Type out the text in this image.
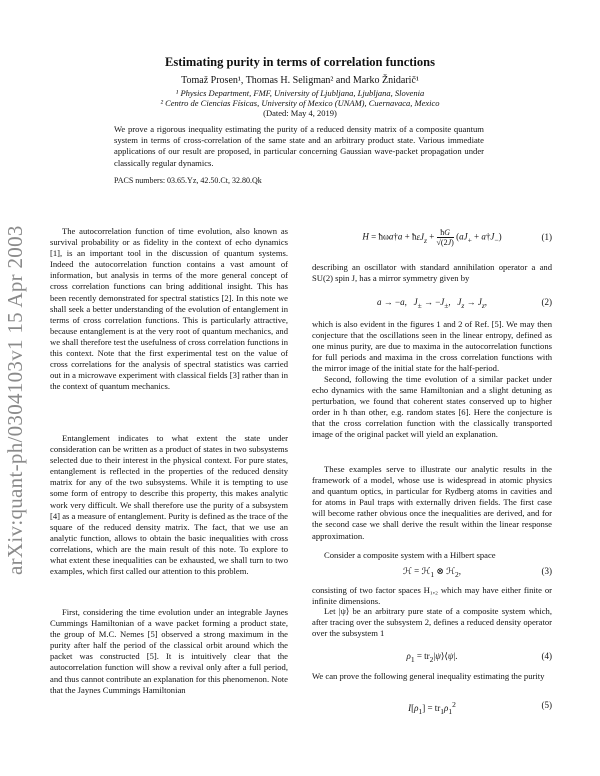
arXiv:quant-ph/0304103v1 15 Apr 2003
Estimating purity in terms of correlation functions
Tomaž Prosen¹, Thomas H. Seligman² and Marko Žnidarič¹
¹ Physics Department, FMF, University of Ljubljana, Ljubljana, Slovenia
² Centro de Ciencias Físicas, University of Mexico (UNAM), Cuernavaca, Mexico
(Dated: May 4, 2019)
We prove a rigorous inequality estimating the purity of a reduced density matrix of a composite quantum system in terms of cross-correlation of the same state and an arbitrary product state. Various immediate applications of our result are proposed, in particular concerning Gaussian wave-packet propagation under classically regular dynamics.
PACS numbers: 03.65.Yz, 42.50.Ct, 32.80.Qk
The autocorrelation function of time evolution, also known as survival probability or as fidelity in the context of echo dynamics [1], is an important tool in the discussion of quantum systems. Indeed the autocorrelation function contains a vast amount of information, but analysis in terms of the more general concept of cross correlation functions can bring additional insight. This has been recently demonstrated for spectral statistics [2]. In this note we shall seek a better understanding of the evolution of entanglement in terms of cross correlation functions. This is particularly attractive, because entanglement is at the very root of quantum mechanics, and we shall therefore test the usefulness of cross correlation functions in this context. Note that the first experimental test on the value of cross correlations for the analysis of spectral statistics was carried out in a microwave experiment with classical fields [3] rather than in the context of quantum mechanics.
Entanglement indicates to what extent the state under consideration can be written as a product of states in two subsystems selected due to their interest in the physical context. For pure states, entanglement is reflected in the properties of the reduced density matrix for any of the two subsystems. While it is tempting to use some form of entropy to describe this property, this makes analytic work very difficult. We shall therefore use the purity of a subsystem [4] as a measure of entanglement. Purity is defined as the trace of the square of the reduced density matrix. The fact, that we use an analytic function, allows to obtain the basic inequalities with cross correlations, which are the main result of this note. To explore to what extent these inequalities can be exhausted, we shall turn to two examples, which first called our attention to this problem.
First, considering the time evolution under an integrable Jaynes Cummings Hamiltonian of a wave packet forming a product state, the group of M.C. Nemes [5] observed a strong maximum in the purity after half the period of the classical orbit around which the packet was constructed [5]. It is intuitively clear that the autocorrelation function will show a revival only after a full period, and thus cannot contribute an explanation for this phenomenon. Note that the Jaynes Cummings Hamiltonian
H = ħωa†a + ħεJ$_z$ + $\frac{ħG}{√(2J)} (aJ_+$ + $a\dagger J_-$)	(1)
describing an oscillator with standard annihilation operator a and SU(2) spin J, has a mirror symmetry given by
a → −a,   $J_\pm \to -J_\pm$,   $J_z \to J_z$,	(2)
which is also evident in the figures 1 and 2 of Ref. [5]. We may then conjecture that the oscillations seen in the linear entropy, defined as one minus purity, are due to maxima in the autocorrelation functions for full periods and maxima in the cross correlation functions with the mirror image of the initial state for the half-period.
Second, following the time evolution of a similar packet under echo dynamics with the same Hamiltonian and a slight detuning as perturbation, we found that coherent states conserved up to higher order in ħ than other, e.g. random states [6]. Here the conjecture is that the cross correlation function with the classically transported image of the original packet will yield an explanation.
These examples serve to illustrate our analytic results in the framework of a model, whose use is widespread in atomic physics and quantum optics, in particular for Rydberg atoms in cavities and for atoms in Paul traps with externally driven fields. The first case will become rather obvious once the inequalities are derived, and for the second case we shall derive the result within the linear response approximation.
Consider a composite system with a Hilbert space
ℋ = ℋ$_1$ ⊗ ℋ$_2$,	(3)
consisting of two factor spaces H₁,₂ which may have either finite or infinite dimensions.
Let |ψ⟩ be an arbitrary pure state of a composite system which, after tracing over the subsystem 2, defines a reduced density operator over the subsystem 1
$\rho_1$ = $tr_2|\psi⟩⟨\psi|$.	(4)
We can prove the following general inequality estimating the purity
$I[\rho_1] = tr_1\rho_1^2$	(5)
